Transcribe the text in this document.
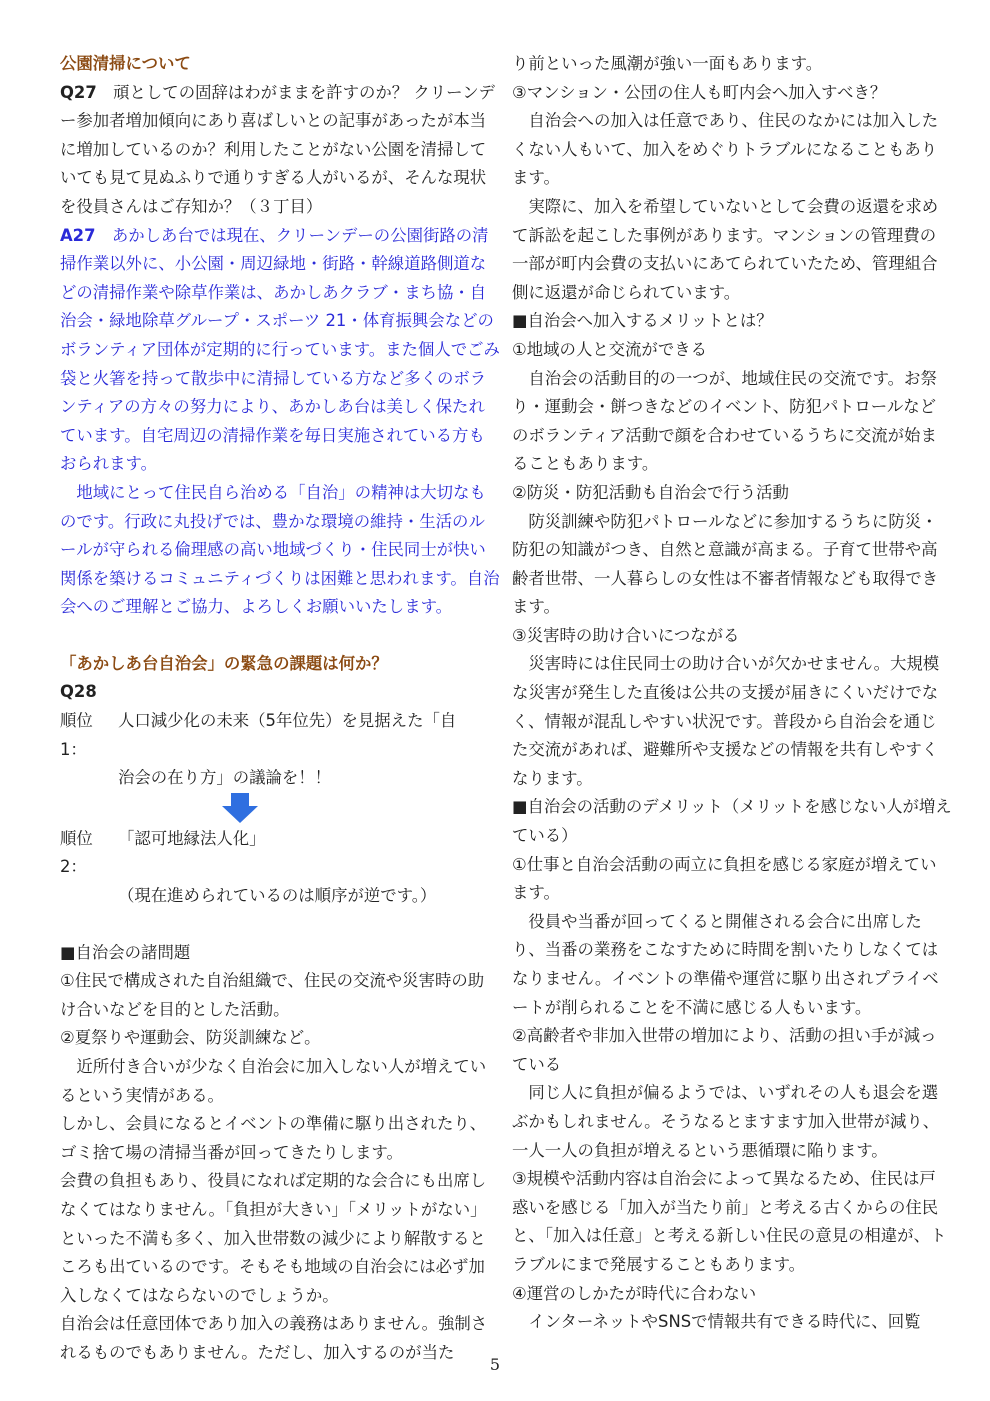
公園清掃について

Q27　頑としての固辞はわがままを許すのか？ クリーンデー参加者増加傾向にあり喜ばしいとの記事があったが本当に増加しているのか？利用したことがない公園を清掃していても見て見ぬふりで通りすぎる人がいるが、そんな現状を役員さんはご存知か？（３丁目）

A27　あかしあ台では現在、クリーンデーの公園街路の清掃作業以外に、小公園・周辺緑地・街路・幹線道路側道などの清掃作業や除草作業は、あかしあクラブ・まち協・自治会・緑地除草グループ・スポーツ 21・体育振興会などのボランティア団体が定期的に行っています。また個人でごみ袋と火箸を持って散歩中に清掃している方など多くのボランティアの方々の努力により、あかしあ台は美しく保たれています。自宅周辺の清掃作業を毎日実施されている方もおられます。

地域にとって住民自ら治める「自治」の精神は大切なものです。行政に丸投げでは、豊かな環境の維持・生活のルールが守られる倫理感の高い地域づくり・住民同士が快い関係を築けるコミュニティづくりは困難と思われます。自治会へのご理解とご協力、よろしくお願いいたします。

「あかしあ台自治会」の緊急の課題は何か？

Q28

順位1：
人口減少化の未来（5年位先）を見据えた「自

治会の在り方」の議論を！！

順位2：
「認可地縁法人化」

（現在進められているのは順序が逆です。）

■自治会の諸問題

①住民で構成された自治組織で、住民の交流や災害時の助け合いなどを目的とした活動。

②夏祭りや運動会、防災訓練など。

近所付き合いが少なく自治会に加入しない人が増えているという実情がある。

しかし、会員になるとイベントの準備に駆り出されたり、ゴミ捨て場の清掃当番が回ってきたりします。

会費の負担もあり、役員になれば定期的な会合にも出席しなくてはなりません。「負担が大きい」「メリットがない」といった不満も多く、加入世帯数の減少により解散するところも出ているのです。そもそも地域の自治会には必ず加入しなくてはならないのでしょうか。

自治会は任意団体であり加入の義務はありません。強制されるものでもありません。ただし、加入するのが当た

り前といった風潮が強い一面もあります。

③マンション・公団の住人も町内会へ加入すべき？

自治会への加入は任意であり、住民のなかには加入したくない人もいて、加入をめぐりトラブルになることもあります。

実際に、加入を希望していないとして会費の返還を求めて訴訟を起こした事例があります。マンションの管理費の一部が町内会費の支払いにあてられていたため、管理組合側に返還が命じられています。

■自治会へ加入するメリットとは？

①地域の人と交流ができる

自治会の活動目的の一つが、地域住民の交流です。お祭り・運動会・餅つきなどのイベント、防犯パトロールなどのボランティア活動で顔を合わせているうちに交流が始まることもあります。

②防災・防犯活動も自治会で行う活動

防災訓練や防犯パトロールなどに参加するうちに防災・防犯の知識がつき、自然と意識が高まる。子育て世帯や高齢者世帯、一人暮らしの女性は不審者情報なども取得できます。

③災害時の助け合いにつながる

災害時には住民同士の助け合いが欠かせません。大規模な災害が発生した直後は公共の支援が届きにくいだけでなく、情報が混乱しやすい状況です。普段から自治会を通じた交流があれば、避難所や支援などの情報を共有しやすくなります。

■自治会の活動のデメリット（メリットを感じない人が増えている）

①仕事と自治会活動の両立に負担を感じる家庭が増えています。

役員や当番が回ってくると開催される会合に出席したり、当番の業務をこなすために時間を割いたりしなくてはなりません。イベントの準備や運営に駆り出されプライベートが削られることを不満に感じる人もいます。

②高齢者や非加入世帯の増加により、活動の担い手が減っている

同じ人に負担が偏るようでは、いずれその人も退会を選ぶかもしれません。そうなるとますます加入世帯が減り、一人一人の負担が増えるという悪循環に陥ります。

③規模や活動内容は自治会によって異なるため、住民は戸惑いを感じる「加入が当たり前」と考える古くからの住民と、「加入は任意」と考える新しい住民の意見の相違が、トラブルにまで発展することもあります。

④運営のしかたが時代に合わない

インターネットやSNSで情報共有できる時代に、回覧

5
